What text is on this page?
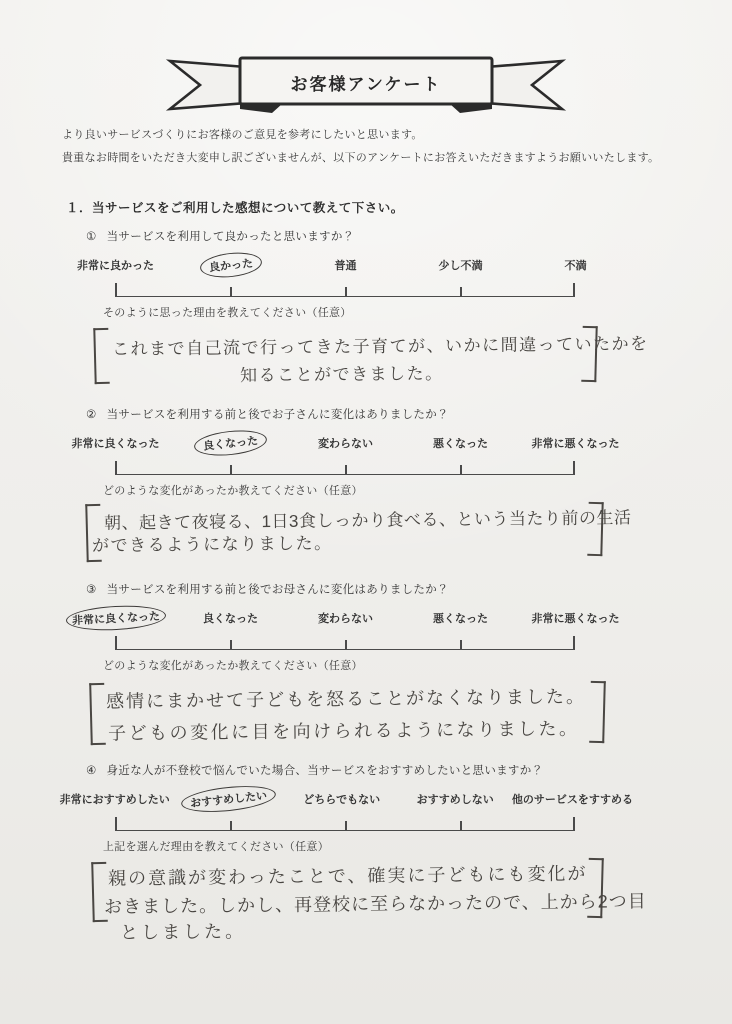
お客様アンケート
より良いサービスづくりにお客様のご意見を参考にしたいと思います。
貴重なお時間をいただき大変申し訳ございませんが、以下のアンケートにお答えいただきますようお願いいたします。
１．当サービスをご利用した感想について教えて下さい。
① 当サービスを利用して良かったと思いますか？
非常に良かった	良かった	普通	少し不満	不満
そのように思った理由を教えてください（任意）
これまで自己流で行ってきた子育てが、いかに間違っていたかを
知ることができました。
② 当サービスを利用する前と後でお子さんに変化はありましたか？
非常に良くなった	良くなった	変わらない	悪くなった	非常に悪くなった
どのような変化があったか教えてください（任意）
朝、起きて夜寝る、1日3食しっかり食べる、という当たり前の生活
ができるようになりました。
③ 当サービスを利用する前と後でお母さんに変化はありましたか？
非常に良くなった	良くなった	変わらない	悪くなった	非常に悪くなった
どのような変化があったか教えてください（任意）
感情にまかせて子どもを怒ることがなくなりました。
子どもの変化に目を向けられるようになりました。
④ 身近な人が不登校で悩んでいた場合、当サービスをおすすめしたいと思いますか？
非常におすすめしたい	おすすめしたい	どちらでもない	おすすめしない	他のサービスをすすめる
上記を選んだ理由を教えてください（任意）
親の意識が変わったことで、確実に子どもにも変化が
おきました。しかし、再登校に至らなかったので、上から2つ目
としました。
